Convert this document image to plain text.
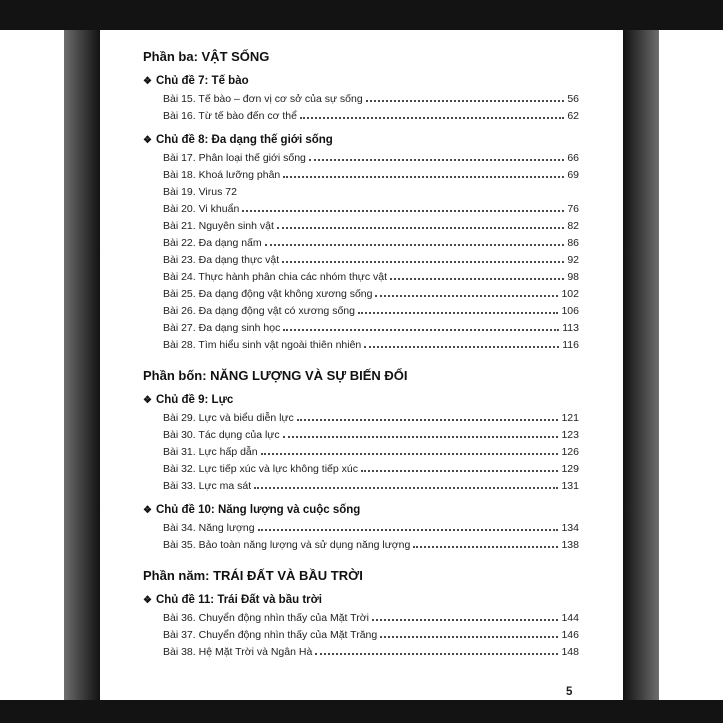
Phần ba: VẬT SỐNG
❖ Chủ đề 7: Tế bào
Bài 15. Tế bào – đơn vị cơ sở của sự sống	56
Bài 16. Từ tế bào đến cơ thể	62
❖ Chủ đề 8: Đa dạng thế giới sống
Bài 17. Phân loại thế giới sống	66
Bài 18. Khoá lưỡng phân	69
Bài 19. Virus 72
Bài 20. Vi khuẩn	76
Bài 21. Nguyên sinh vật	82
Bài 22. Đa dạng nấm	86
Bài 23. Đa dạng thực vật	92
Bài 24. Thực hành phân chia các nhóm thực vật	98
Bài 25. Đa dạng động vật không xương sống	102
Bài 26. Đa dạng động vật có xương sống	106
Bài 27. Đa dạng sinh học	113
Bài 28. Tìm hiểu sinh vật ngoài thiên nhiên	116
Phần bốn: NĂNG LƯỢNG VÀ SỰ BIẾN ĐỔI
❖ Chủ đề 9: Lực
Bài 29. Lực và biểu diễn lực	121
Bài 30. Tác dụng của lực	123
Bài 31. Lực hấp dẫn	126
Bài 32. Lực tiếp xúc và lực không tiếp xúc	129
Bài 33. Lực ma sát	131
❖ Chủ đề 10: Năng lượng và cuộc sống
Bài 34. Năng lượng	134
Bài 35. Bảo toàn năng lượng và sử dụng năng lượng	138
Phần năm: TRÁI ĐẤT VÀ BẦU TRỜI
❖ Chủ đề 11: Trái Đất và bầu trời
Bài 36. Chuyển động nhìn thấy của Mặt Trời	144
Bài 37. Chuyển động nhìn thấy của Mặt Trăng	146
Bài 38. Hệ Mặt Trời và Ngân Hà	148
5
